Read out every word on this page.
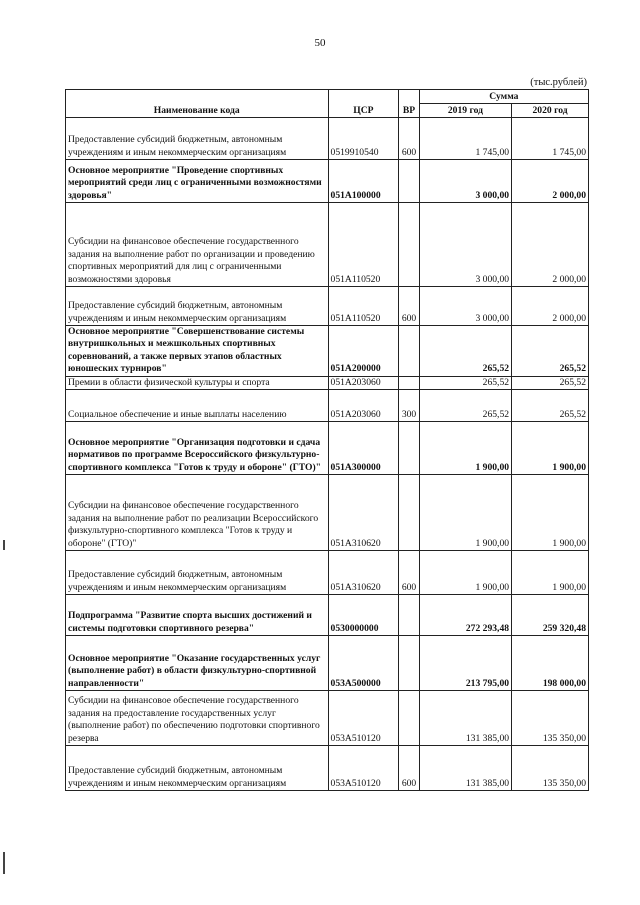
50
(тыс.рублей)
Наименование кода	ЦСР	ВР	Сумма	
			2019 год	2020 год
Предоставление субсидий бюджетным, автономным учреждениям и иным некоммерческим организациям	0519910540	600	1 745,00	1 745,00
Основное мероприятие "Проведение спортивных мероприятий среди лиц с ограниченными возможностями здоровья"	051А100000		3 000,00	2 000,00
Субсидии на финансовое обеспечение государственного задания на выполнение работ по организации и проведению спортивных мероприятий для лиц с ограниченными возможностями здоровья	051А110520		3 000,00	2 000,00
Предоставление субсидий бюджетным, автономным учреждениям и иным некоммерческим организациям	051А110520	600	3 000,00	2 000,00
Основное мероприятие "Совершенствование системы внутришкольных и межшкольных спортивных соревнований, а также первых этапов областных юношеских турниров"	051А200000		265,52	265,52
Премии в области физической культуры и спорта	051А203060		265,52	265,52
Социальное обеспечение и иные выплаты населению	051А203060	300	265,52	265,52
Основное мероприятие "Организация подготовки и сдача нормативов по программе Всероссийского физкультурно-спортивного комплекса "Готов к труду и обороне" (ГТО)"	051А300000		1 900,00	1 900,00
Субсидии на финансовое обеспечение государственного задания на выполнение работ по реализации Всероссийского физкультурно-спортивного комплекса "Готов к труду и обороне" (ГТО)"	051А310620		1 900,00	1 900,00
Предоставление субсидий бюджетным, автономным учреждениям и иным некоммерческим организациям	051А310620	600	1 900,00	1 900,00
Подпрограмма "Развитие спорта высших достижений и системы подготовки спортивного резерва"	0530000000		272 293,48	259 320,48
Основное мероприятие "Оказание государственных услуг (выполнение работ) в области физкультурно-спортивной направленности"	053А500000		213 795,00	198 000,00
Субсидии на финансовое обеспечение государственного задания на предоставление государственных услуг (выполнение работ) по обеспечению подготовки спортивного резерва	053А510120		131 385,00	135 350,00
Предоставление субсидий бюджетным, автономным учреждениям и иным некоммерческим организациям	053А510120	600	131 385,00	135 350,00
